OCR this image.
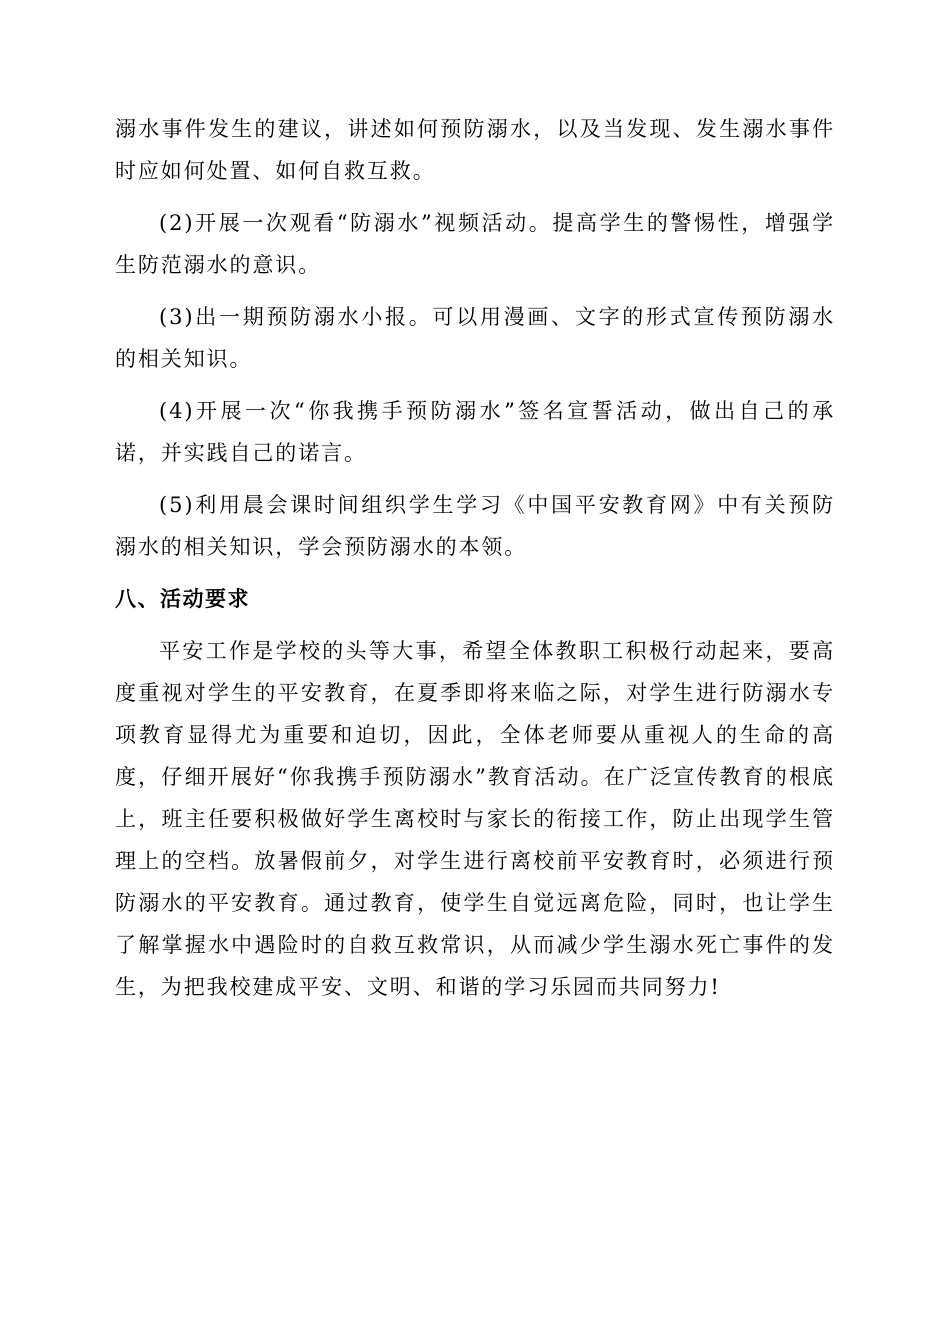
溺水事件发生的建议，讲述如何预防溺水，以及当发现、发生溺水事件时应如何处置、如何自救互救。

(2)开展一次观看“防溺水”视频活动。提高学生的警惕性，增强学生防范溺水的意识。

(3)出一期预防溺水小报。可以用漫画、文字的形式宣传预防溺水的相关知识。

(4)开展一次“你我携手预防溺水”签名宣誓活动，做出自己的承诺，并实践自己的诺言。

(5)利用晨会课时间组织学生学习《中国平安教育网》中有关预防溺水的相关知识，学会预防溺水的本领。

八、活动要求

平安工作是学校的头等大事，希望全体教职工积极行动起来，要高度重视对学生的平安教育，在夏季即将来临之际，对学生进行防溺水专项教育显得尤为重要和迫切，因此，全体老师要从重视人的生命的高度，仔细开展好“你我携手预防溺水”教育活动。在广泛宣传教育的根底上，班主任要积极做好学生离校时与家长的衔接工作，防止出现学生管理上的空档。放暑假前夕，对学生进行离校前平安教育时，必须进行预防溺水的平安教育。通过教育，使学生自觉远离危险，同时，也让学生了解掌握水中遇险时的自救互救常识，从而减少学生溺水死亡事件的发生，为把我校建成平安、文明、和谐的学习乐园而共同努力!
